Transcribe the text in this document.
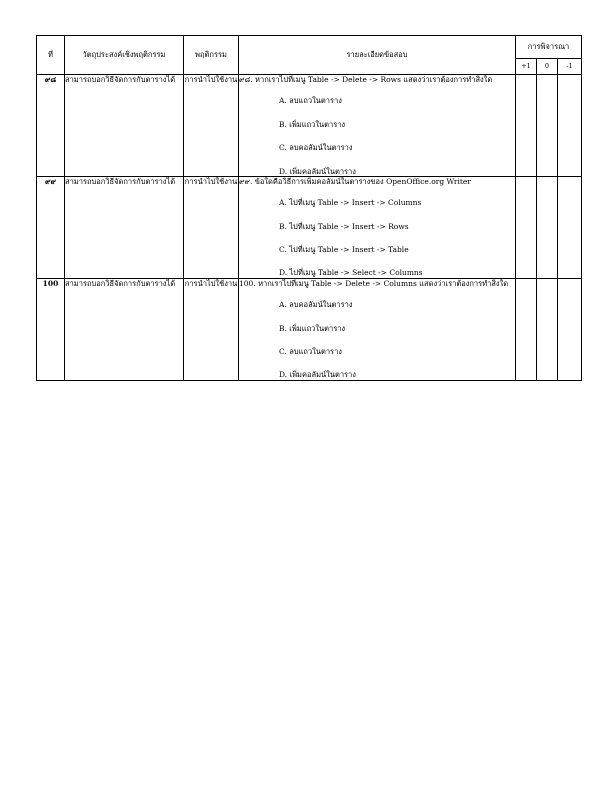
ที่	วัตถุประสงค์เชิงพฤติกรรม	พฤติกรรม	รายละเอียดข้อสอบ	การพิจารณา		
				+1	0	-1
๙๘	สามารถบอกวิธีจัดการกับตารางได้	การนำไปใช้งาน	๙๘. หากเราไปที่เมนู Table -> Delete -> Rows แสดงว่าเราต้องการทำสิ่งใด
A. ลบแถวในตาราง
B. เพิ่มแถวในตาราง
C. ลบคอลัมน์ในตาราง
D. เพิ่มคอลัมน์ในตาราง			

๙๙	สามารถบอกวิธีจัดการกับตารางได้	การนำไปใช้งาน	๙๙. ข้อใดคือวิธีการเพิ่มคอลัมน์ในตารางของ OpenOffice.org Writer
A. ไปที่เมนู Table -> Insert -> Columns
B. ไปที่เมนู Table -> Insert -> Rows
C. ไปที่เมนู Table -> Insert -> Table
D. ไปที่เมนู Table -> Select -> Columns			

100	สามารถบอกวิธีจัดการกับตารางได้	การนำไปใช้งาน	100. หากเราไปที่เมนู Table -> Delete -> Columns แสดงว่าเราต้องการทำสิ่งใด
A. ลบคอลัมน์ในตาราง
B. เพิ่มแถวในตาราง
C. ลบแถวในตาราง
D. เพิ่มคอลัมน์ในตาราง			
